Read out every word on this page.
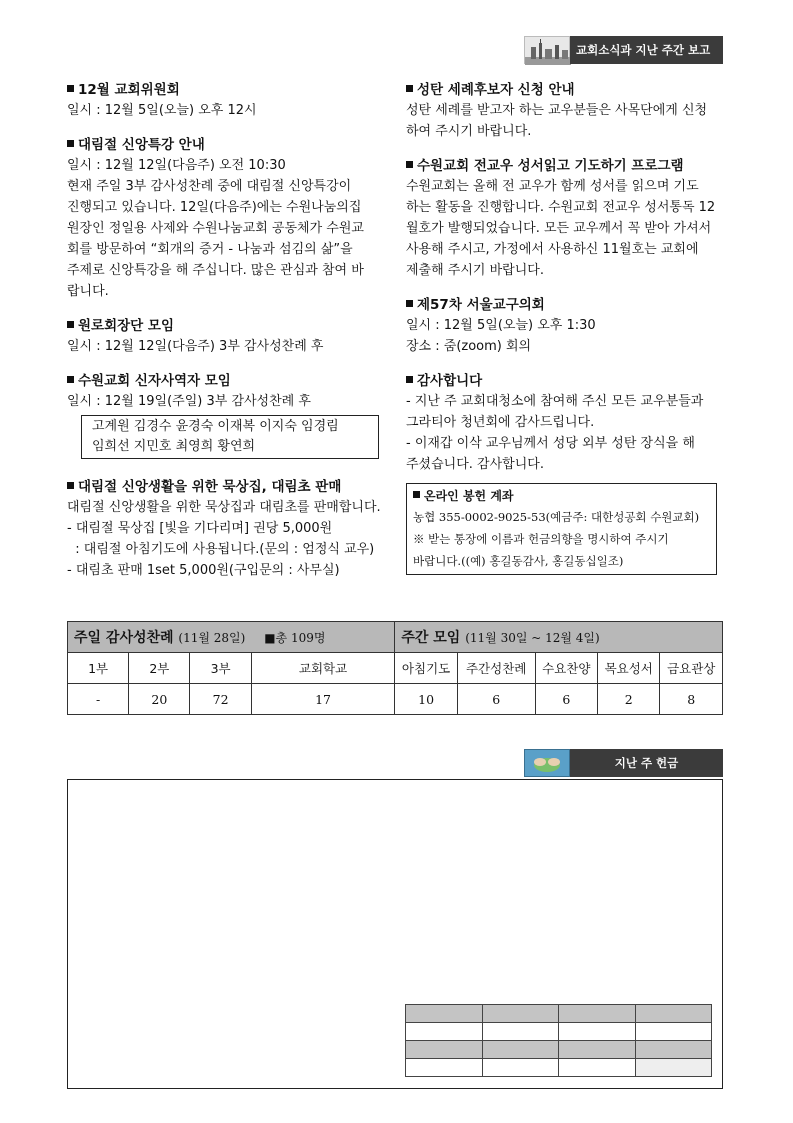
교회소식과 지난 주간 보고
12월 교회위원회
일시 : 12월 5일(오늘) 오후 12시
대림절 신앙특강 안내
일시 : 12월 12일(다음주) 오전 10:30
현재 주일 3부 감사성찬례 중에 대림절 신앙특강이
진행되고 있습니다. 12일(다음주)에는 수원나눔의집
원장인 정일용 사제와 수원나눔교회 공동체가 수원교
회를 방문하여 “회개의 증거 - 나눔과 섬김의 삶”을
주제로 신앙특강을 해 주십니다. 많은 관심과 참여 바
랍니다.
원로회장단 모임
일시 : 12월 12일(다음주) 3부 감사성찬례 후
수원교회 신자사역자 모임
일시 : 12월 19일(주일) 3부 감사성찬례 후
고계원 김경수 윤경숙 이재복 이지숙 임경림
임희선 지민호 최영희 황연희
대림절 신앙생활을 위한 묵상집, 대림초 판매
대림절 신앙생활을 위한 묵상집과 대림초를 판매합니다.
- 대림절 묵상집 [빛을 기다리며] 권당 5,000원
: 대림절 아침기도에 사용됩니다.(문의 : 엄정식 교우)
- 대림초 판매 1set 5,000원(구입문의 : 사무실)
성탄 세례후보자 신청 안내
성탄 세례를 받고자 하는 교우분들은 사목단에게 신청
하여 주시기 바랍니다.
수원교회 전교우 성서읽고 기도하기 프로그램
수원교회는 올해 전 교우가 함께 성서를 읽으며 기도
하는 활동을 진행합니다. 수원교회 전교우 성서통독 12
월호가 발행되었습니다. 모든 교우께서 꼭 받아 가셔서
사용해 주시고, 가정에서 사용하신 11월호는 교회에
제출해 주시기 바랍니다.
제57차 서울교구의회
일시 : 12월 5일(오늘) 오후 1:30
장소 : 줌(zoom) 회의
감사합니다
- 지난 주 교회대청소에 참여해 주신 모든 교우분들과
그라티아 청년회에 감사드립니다.
- 이재갑 이삭 교우님께서 성당 외부 성탄 장식을 해
주셨습니다. 감사합니다.
온라인 봉헌 계좌
농협 355-0002-9025-53(예금주: 대한성공회 수원교회)
※ 받는 통장에 이름과 헌금의향을 명시하여 주시기
바랍니다.((예) 홍길동감사, 홍길동십일조)
주일 감사성찬례 (11월 28일) ■총 109명				주간 모임 (11월 30일 ~ 12월 4일)				
1부	2부	3부	교회학교	아침기도	주간성찬례	수요찬양	목요성서	금요관상
-	20	72	17	10	6	6	2	8
지난 주 헌금
